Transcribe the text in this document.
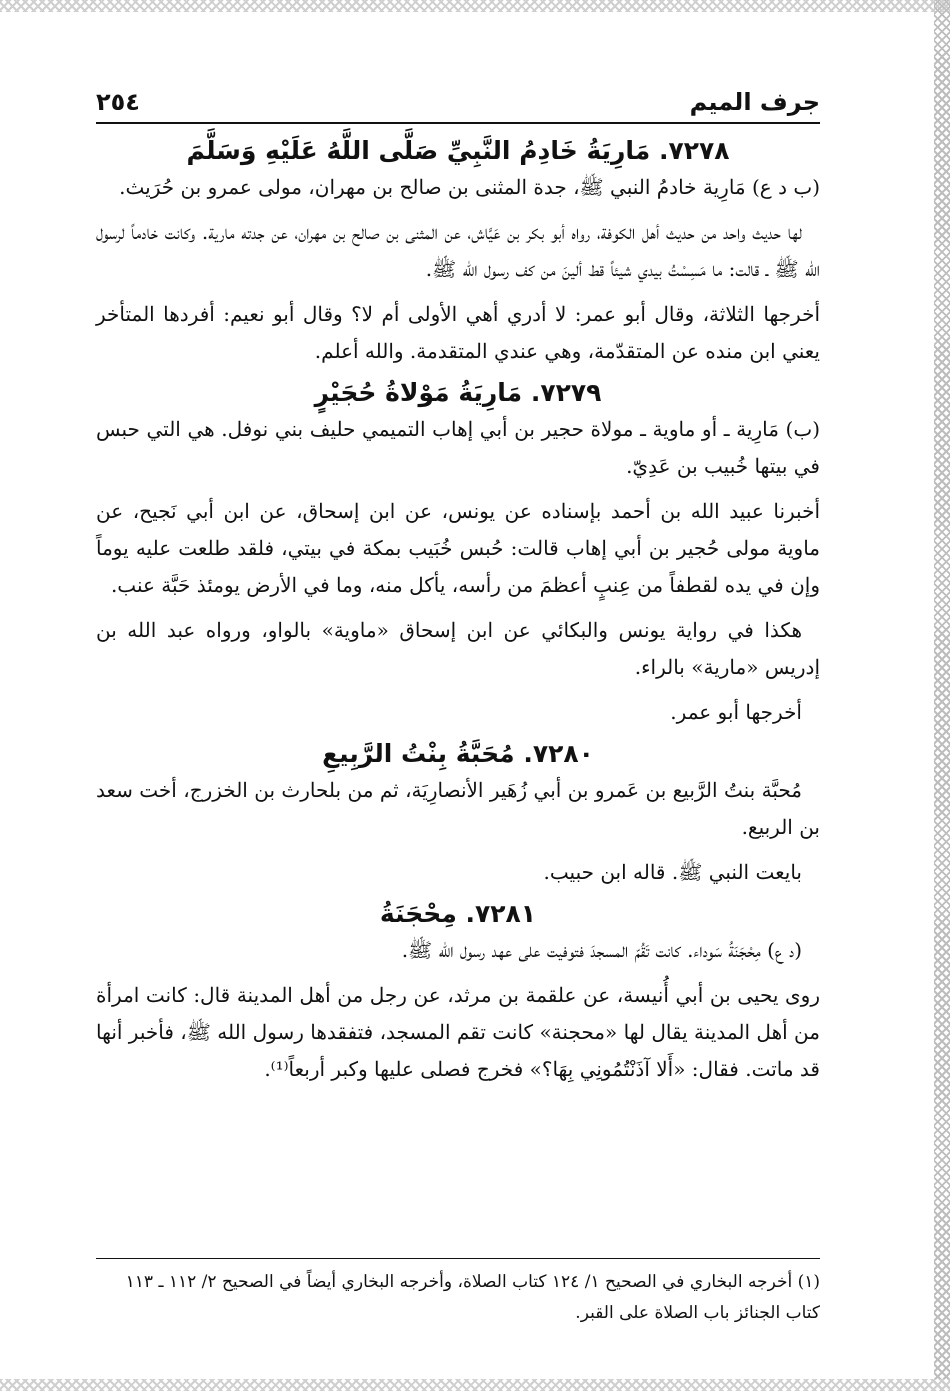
جرف الميم
٢٥٤
٧٢٧٨. مَارِيَةُ خَادِمُ النَّبِيِّ صَلَّى اللَّهُ عَلَيْهِ وَسَلَّمَ

(ب د ع) مَارِية خادمُ النبي ﷺ، جدة المثنى بن صالح بن مهران، مولى عمرو بن حُرَيث.

لها حديث واحد من حديث أهل الكوفة، رواه أبو بكر بن عَيَّاش، عن المثنى بن صالح بن مهران، عن جدته مارية. وكانت خادماً لرسول الله ﷺ ـ قالت: ما مَسِسْتُ بيدي شيئاً قط ألينَ من كف رسول الله ﷺ.

أخرجها الثلاثة، وقال أبو عمر: لا أدري أهي الأولى أم لا؟ وقال أبو نعيم: أفردها المتأخر يعني ابن منده عن المتقدّمة، وهي عندي المتقدمة. والله أعلم.

٧٢٧٩. مَارِيَةُ مَوْلاةُ حُجَيْرٍ

(ب) مَارِية ـ أو ماوية ـ مولاة حجير بن أبي إهاب التميمي حليف بني نوفل. هي التي حبس في بيتها خُبيب بن عَدِيّ.

أخبرنا عبيد الله بن أحمد بإسناده عن يونس، عن ابن إسحاق، عن ابن أبي نَجيح، عن ماوية مولى حُجير بن أبي إهاب قالت: حُبس خُبَيب بمكة في بيتي، فلقد طلعت عليه يوماً وإن في يده لقطفاً من عِنبٍ أعظمَ من رأسه، يأكل منه، وما في الأرض يومئذ حَبَّة عنب.

هكذا في رواية يونس والبكائي عن ابن إسحاق «ماوية» بالواو، ورواه عبد الله بن إدريس «مارية» بالراء.

أخرجها أبو عمر.

٧٢٨٠. مُحَبَّةُ بِنْتُ الرَّبِيعِ

مُحبَّة بنتُ الرَّبيع بن عَمرو بن أبي زُهَير الأنصارِيَة، ثم من بلحارث بن الخزرج، أخت سعد بن الربيع.

بايعت النبي ﷺ. قاله ابن حبيب.

٧٢٨١. مِحْجَنَةُ

(د ع) مِحْجَنَةُ سَوداء. كانت تَقُمّ المسجدَ فتوفيت على عهد رسول الله ﷺ.

روى يحيى بن أبي أُنيسة، عن علقمة بن مرثد، عن رجل من أهل المدينة قال: كانت امرأة من أهل المدينة يقال لها «محجنة» كانت تقم المسجد، فتفقدها رسول الله ﷺ، فأخبر أنها قد ماتت. فقال: «أَلا آذَنْتُمُونِي بِهَا؟» فخرج فصلى عليها وكبر أربعاً⁽¹⁾.

(١) أخرجه البخاري في الصحيح ١/ ١٢٤ كتاب الصلاة، وأخرجه البخاري أيضاً في الصحيح ٢/ ١١٢ ـ ١١٣ كتاب الجنائز باب الصلاة على القبر.
